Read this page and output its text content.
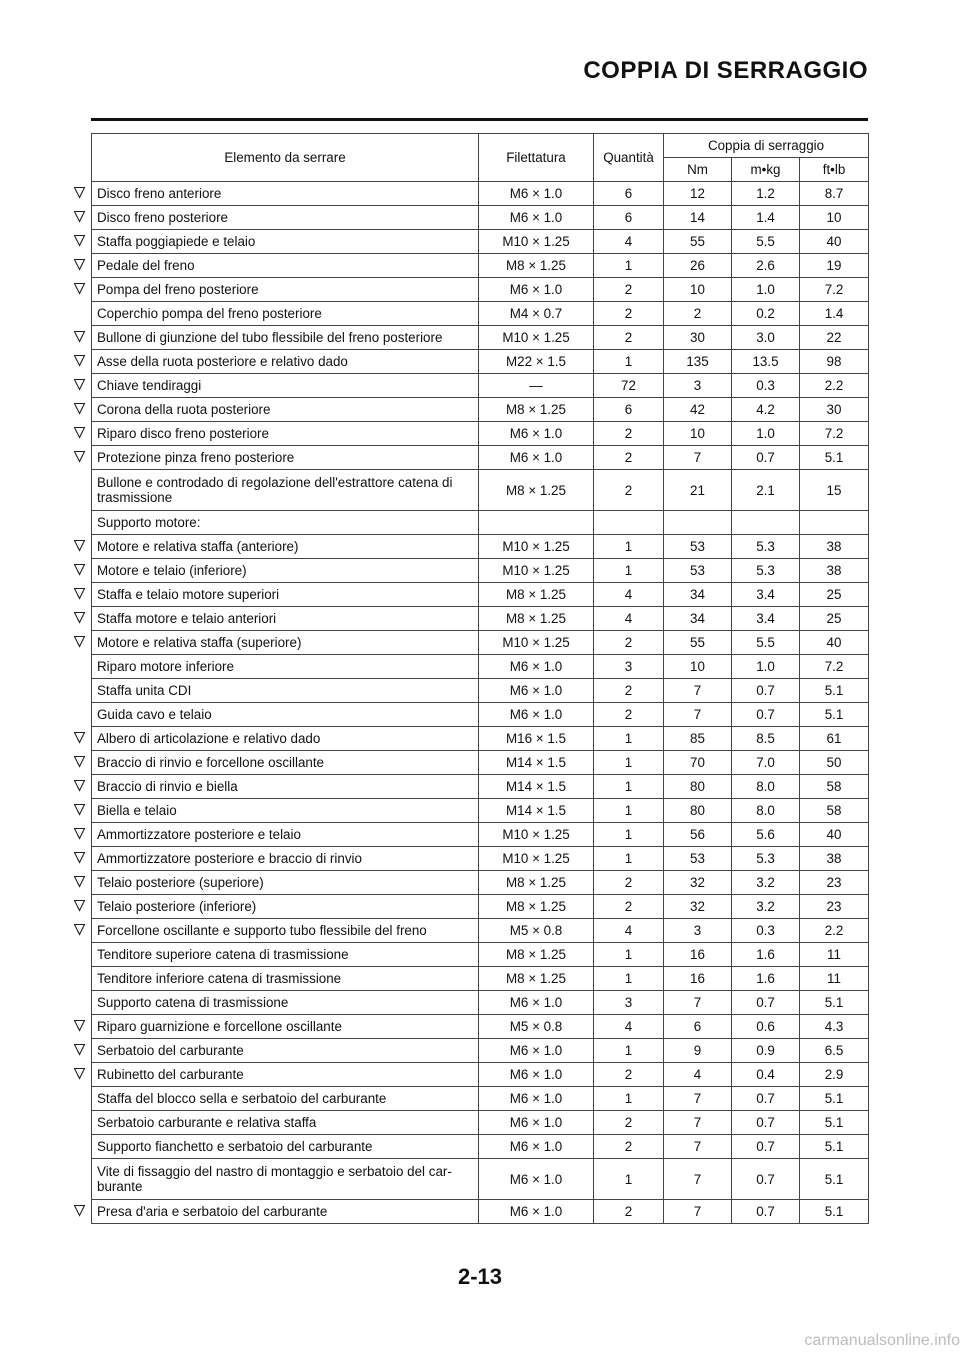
COPPIA DI SERRAGGIO
Elemento da serrare	Filettatura	Quantità	Coppia di serraggio		
			Nm	m•kg	ft•lb
Disco freno anteriore	M6 × 1.0	6	12	1.2	8.7
Disco freno posteriore	M6 × 1.0	6	14	1.4	10
Staffa poggiapiede e telaio	M10 × 1.25	4	55	5.5	40
Pedale del freno	M8 × 1.25	1	26	2.6	19
Pompa del freno posteriore	M6 × 1.0	2	10	1.0	7.2
Coperchio pompa del freno posteriore	M4 × 0.7	2	2	0.2	1.4
Bullone di giunzione del tubo flessibile del freno posteriore	M10 × 1.25	2	30	3.0	22
Asse della ruota posteriore e relativo dado	M22 × 1.5	1	135	13.5	98
Chiave tendiraggi	—	72	3	0.3	2.2
Corona della ruota posteriore	M8 × 1.25	6	42	4.2	30
Riparo disco freno posteriore	M6 × 1.0	2	10	1.0	7.2
Protezione pinza freno posteriore	M6 × 1.0	2	7	0.7	5.1
Bullone e controdado di regolazione dell'estrattore catena di trasmissione	M8 × 1.25	2	21	2.1	15
Supporto motore:					
Motore e relativa staffa (anteriore)	M10 × 1.25	1	53	5.3	38
Motore e telaio (inferiore)	M10 × 1.25	1	53	5.3	38
Staffa e telaio motore superiori	M8 × 1.25	4	34	3.4	25
Staffa motore e telaio anteriori	M8 × 1.25	4	34	3.4	25
Motore e relativa staffa (superiore)	M10 × 1.25	2	55	5.5	40
Riparo motore inferiore	M6 × 1.0	3	10	1.0	7.2
Staffa unita CDI	M6 × 1.0	2	7	0.7	5.1
Guida cavo e telaio	M6 × 1.0	2	7	0.7	5.1
Albero di articolazione e relativo dado	M16 × 1.5	1	85	8.5	61
Braccio di rinvio e forcellone oscillante	M14 × 1.5	1	70	7.0	50
Braccio di rinvio e biella	M14 × 1.5	1	80	8.0	58
Biella e telaio	M14 × 1.5	1	80	8.0	58
Ammortizzatore posteriore e telaio	M10 × 1.25	1	56	5.6	40
Ammortizzatore posteriore e braccio di rinvio	M10 × 1.25	1	53	5.3	38
Telaio posteriore (superiore)	M8 × 1.25	2	32	3.2	23
Telaio posteriore (inferiore)	M8 × 1.25	2	32	3.2	23
Forcellone oscillante e supporto tubo flessibile del freno	M5 × 0.8	4	3	0.3	2.2
Tenditore superiore catena di trasmissione	M8 × 1.25	1	16	1.6	11
Tenditore inferiore catena di trasmissione	M8 × 1.25	1	16	1.6	11
Supporto catena di trasmissione	M6 × 1.0	3	7	0.7	5.1
Riparo guarnizione e forcellone oscillante	M5 × 0.8	4	6	0.6	4.3
Serbatoio del carburante	M6 × 1.0	1	9	0.9	6.5
Rubinetto del carburante	M6 × 1.0	2	4	0.4	2.9
Staffa del blocco sella e serbatoio del carburante	M6 × 1.0	1	7	0.7	5.1
Serbatoio carburante e relativa staffa	M6 × 1.0	2	7	0.7	5.1
Supporto fianchetto e serbatoio del carburante	M6 × 1.0	2	7	0.7	5.1
Vite di fissaggio del nastro di montaggio e serbatoio del car-burante	M6 × 1.0	1	7	0.7	5.1
Presa d'aria e serbatoio del carburante	M6 × 1.0	2	7	0.7	5.1
2-13
carmanualsonline.info
